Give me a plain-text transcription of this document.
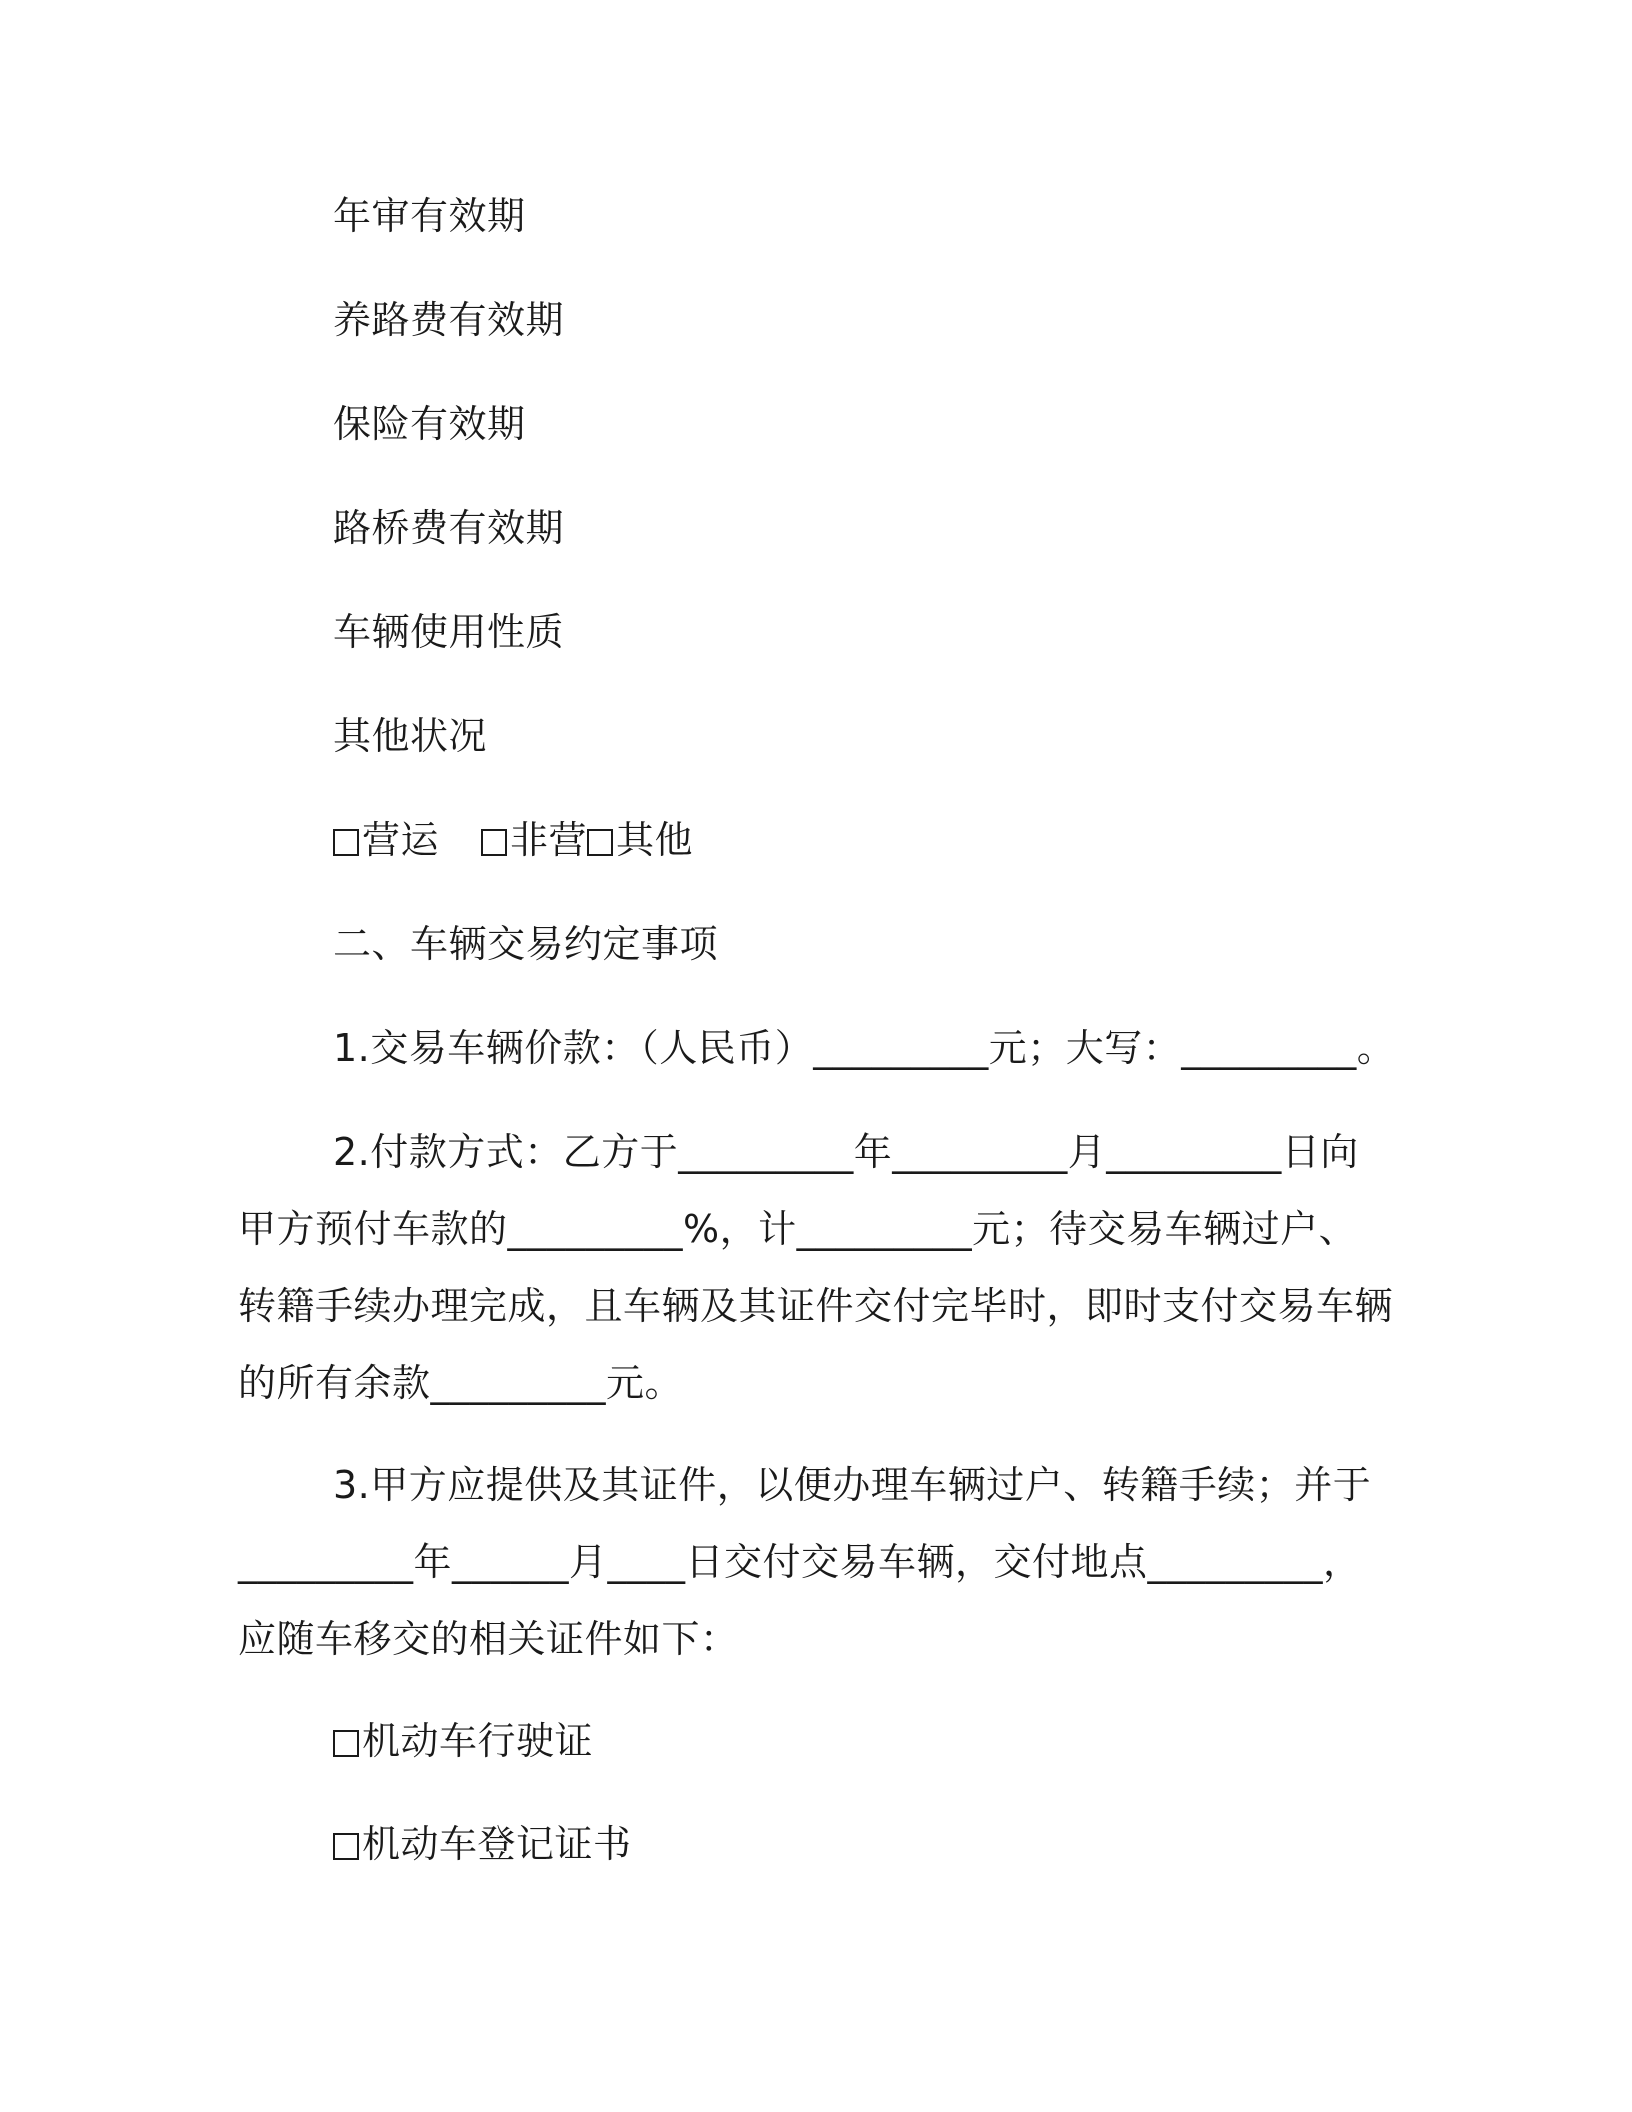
年审有效期
养路费有效期
保险有效期
路桥费有效期
车辆使用性质
其他状况
营运 非营 其他
二、车辆交易约定事项
1.交易车辆价款：（人民币）_________元；大写：_________。
2.付款方式：乙方于_________年_________月_________日向
甲方预付车款的_________%，计_________元；待交易车辆过户、
转籍手续办理完成，且车辆及其证件交付完毕时，即时支付交易车辆
的所有余款_________元。
3.甲方应提供及其证件，以便办理车辆过户、转籍手续；并于
_________年______月____日交付交易车辆，交付地点_________，
应随车移交的相关证件如下：
机动车行驶证
机动车登记证书
